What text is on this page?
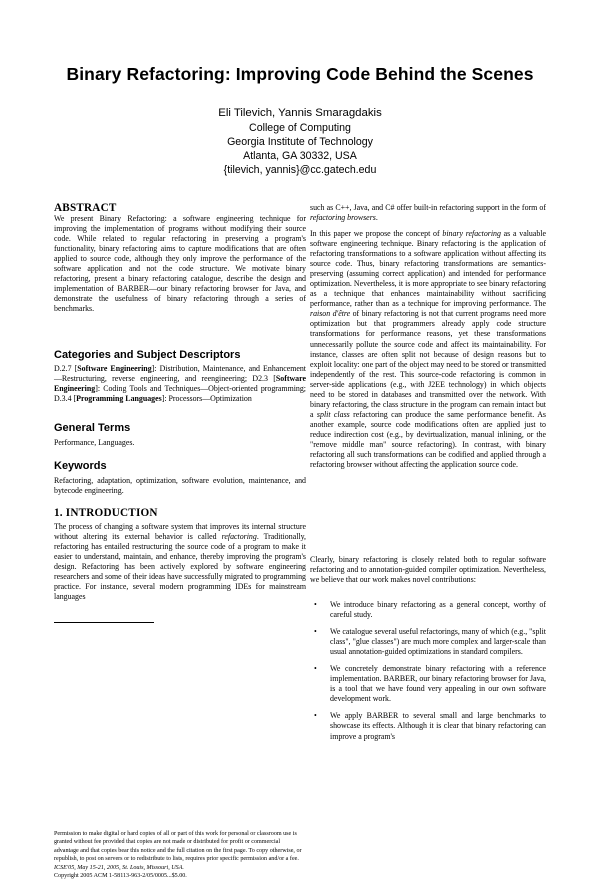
Binary Refactoring: Improving Code Behind the Scenes
Eli Tilevich, Yannis Smaragdakis
College of Computing
Georgia Institute of Technology
Atlanta, GA 30332, USA
{tilevich, yannis}@cc.gatech.edu
ABSTRACT

We present Binary Refactoring: a software engineering technique for improving the implementation of programs without modifying their source code. While related to regular refactoring in preserving a program's functionality, binary refactoring aims to capture modifications that are often applied to source code, although they only improve the performance of the software application and not the code structure. We motivate binary refactoring, present a binary refactoring catalogue, describe the design and implementation of BARBER—our binary refactoring browser for Java, and demonstrate the usefulness of binary refactoring through a series of benchmarks.

Categories and Subject Descriptors

D.2.7 [Software Engineering]: Distribution, Maintenance, and Enhancement—Restructuring, reverse engineering, and reengineering; D2.3 [Software Engineering]: Coding Tools and Techniques—Object-oriented programming; D.3.4 [Programming Languages]: Processors—Optimization

General Terms

Performance, Languages.

Keywords

Refactoring, adaptation, optimization, software evolution, maintenance, and bytecode engineering.

1. INTRODUCTION

The process of changing a software system that improves its internal structure without altering its external behavior is called refactoring. Traditionally, refactoring has entailed restructuring the source code of a program to make it easier to understand, maintain, and enhance, thereby improving the program's design. Refactoring has been actively explored by software engineering researchers and some of their ideas have successfully migrated to programming practice. For instance, several modern programming IDEs for mainstream languages

Permission to make digital or hard copies of all or part of this work for personal or classroom use is granted without fee provided that copies are not made or distributed for profit or commercial advantage and that copies bear this notice and the full citation on the first page. To copy otherwise, or republish, to post on servers or to redistribute to lists, requires prior specific permission and/or a fee.
ICSE'05, May 15-21, 2005, St. Louis, Missouri, USA.
Copyright 2005 ACM 1-58113-963-2/05/0005...$5.00.

such as C++, Java, and C# offer built-in refactoring support in the form of refactoring browsers.

In this paper we propose the concept of binary refactoring as a valuable software engineering technique. Binary refactoring is the application of refactoring transformations to a software application without affecting its source code. Thus, binary refactoring transformations are semantics-preserving (assuming correct application) and intended for performance optimization. Nevertheless, it is more appropriate to see binary refactoring as a technique that enhances maintainability without sacrificing performance, rather than as a technique for improving performance. The raison d'être of binary refactoring is not that current programs need more optimization but that programmers already apply code structure transformations for performance reasons, yet these transformations unnecessarily pollute the source code and affect its maintainability. For instance, classes are often split not because of design reasons but to exploit locality: one part of the object may need to be stored or transmitted independently of the rest. This source-code refactoring is common in server-side applications (e.g., with J2EE technology) in which objects need to be stored in databases and transmitted over the network. With binary refactoring, the class structure in the program can remain intact but a split class refactoring can produce the same performance benefit. As another example, source code modifications often are applied just to reduce indirection cost (e.g., by devirtualization, manual inlining, or the "remove middle man" source refactoring). In contrast, with binary refactoring all such transformations can be codified and applied through a refactoring browser without affecting the application source code.

Clearly, binary refactoring is closely related both to regular software refactoring and to annotation-guided compiler optimization. Nevertheless, we believe that our work makes novel contributions:

• We introduce binary refactoring as a general concept, worthy of careful study.
• We catalogue several useful refactorings, many of which (e.g., "split class", "glue classes") are much more complex and larger-scale than usual annotation-guided optimizations in standard compilers.
• We concretely demonstrate binary refactoring with a reference implementation. BARBER, our binary refactoring browser for Java, is a tool that we have found very appealing in our own software development work.
• We apply BARBER to several small and large benchmarks to showcase its effects. Although it is clear that binary refactoring can improve a program's
